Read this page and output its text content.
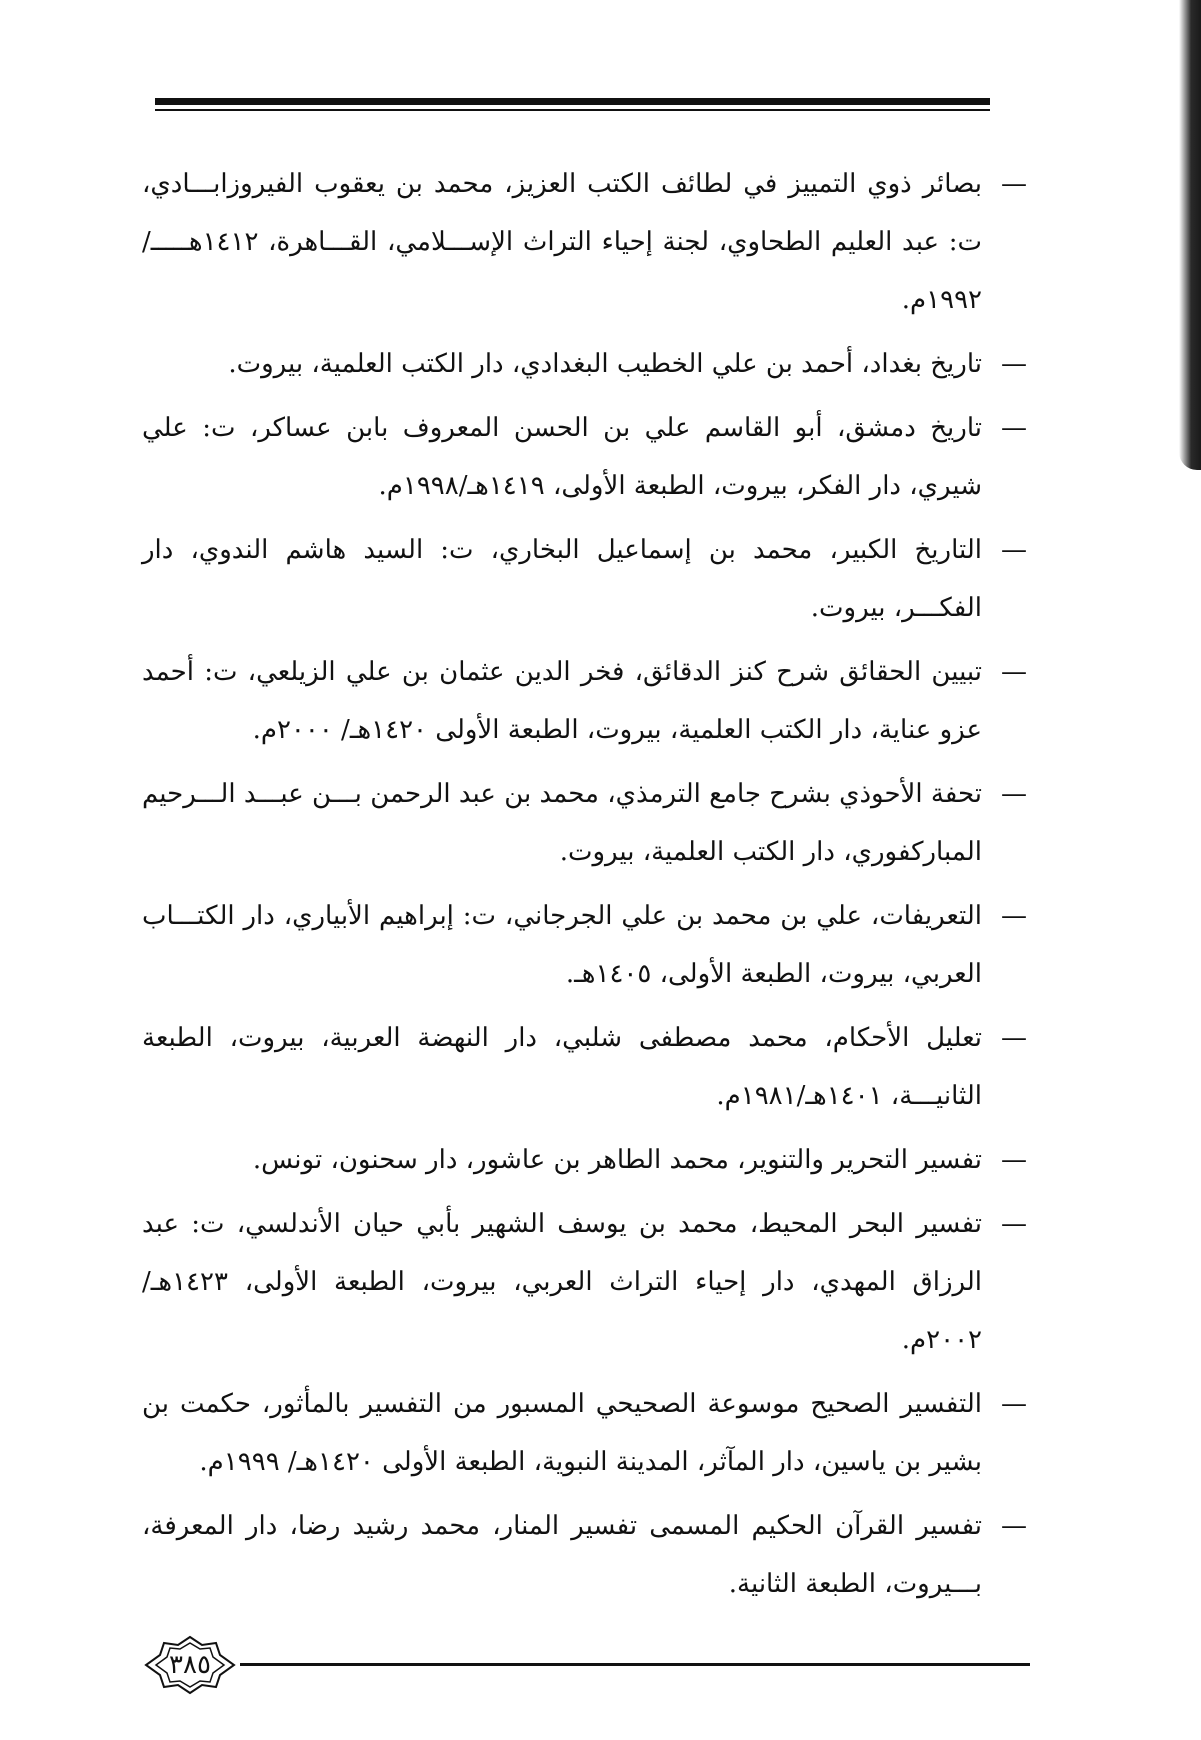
—
بصائر ذوي التمييز في لطائف الكتب العزيز، محمد بن يعقوب الفيروزابـــادي، ت: عبد العليم الطحاوي، لجنة إحياء التراث الإســـلامي، القـــاهرة، ١٤١٢هـــــ/ ١٩٩٢م.
—
تاريخ بغداد، أحمد بن علي الخطيب البغدادي، دار الكتب العلمية، بيروت.
—
تاريخ دمشق، أبو القاسم علي بن الحسن المعروف بابن عساكر، ت: علي شيري، دار الفكر، بيروت، الطبعة الأولى، ١٤١٩هـ/١٩٩٨م.
—
التاريخ الكبير، محمد بن إسماعيل البخاري، ت: السيد هاشم الندوي، دار الفكـــر، بيروت.
—
تبيين الحقائق شرح كنز الدقائق، فخر الدين عثمان بن علي الزيلعي، ت: أحمد عزو عناية، دار الكتب العلمية، بيروت، الطبعة الأولى ١٤٢٠هـ/ ٢٠٠٠م.
—
تحفة الأحوذي بشرح جامع الترمذي، محمد بن عبد الرحمن بـــن عبـــد الـــرحيم المباركفوري، دار الكتب العلمية، بيروت.
—
التعريفات، علي بن محمد بن علي الجرجاني، ت: إبراهيم الأبياري، دار الكتـــاب العربي، بيروت، الطبعة الأولى، ١٤٠٥هـ.
—
تعليل الأحكام، محمد مصطفى شلبي، دار النهضة العربية، بيروت، الطبعة الثانيـــة، ١٤٠١هـ/١٩٨١م.
—
تفسير التحرير والتنوير، محمد الطاهر بن عاشور، دار سحنون، تونس.
—
تفسير البحر المحيط، محمد بن يوسف الشهير بأبي حيان الأندلسي، ت: عبد الرزاق المهدي، دار إحياء التراث العربي، بيروت، الطبعة الأولى، ١٤٢٣هـ/ ٢٠٠٢م.
—
التفسير الصحيح موسوعة الصحيحي المسبور من التفسير بالمأثور، حكمت بن بشير بن ياسين، دار المآثر، المدينة النبوية، الطبعة الأولى ١٤٢٠هـ/ ١٩٩٩م.
—
تفسير القرآن الحكيم المسمى تفسير المنار، محمد رشيد رضا، دار المعرفة، بـــيروت، الطبعة الثانية.
٣٨٥
